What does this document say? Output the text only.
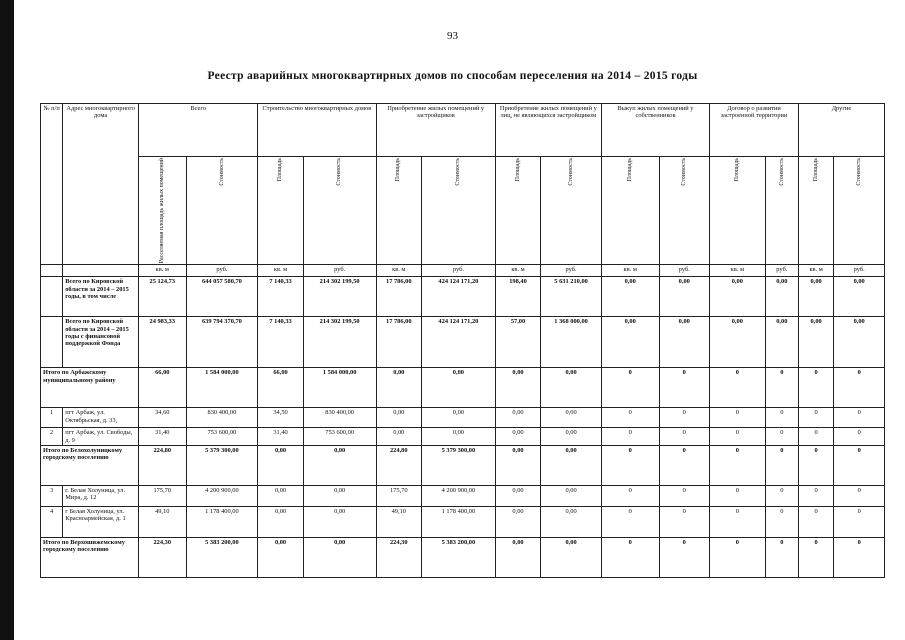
93
Реестр аварийных многоквартирных домов по способам переселения на 2014 – 2015 годы
№ п/п	Адрес многоквартирного дома	Всего		Строительство многоквартирных домов		Приобретение жилых помещений у застройщиков		Приобретение жилых помещений у лиц, не являющихся застройщиком		Выкуп жилых помещений у собственников		Договор о развитии застроенной территории		Другие	

		Расселяемая площадь жилых помещений	Стоимость	Площадь	Стоимость	Площадь	Стоимость	Площадь	Стоимость	Площадь	Стоимость	Площадь	Стоимость	Площадь	Стоимость

		кв. м	руб.	кв. м	руб.	кв. м	руб.	кв. м	руб.	кв. м	руб.	кв. м	руб.	кв. м	руб.
	Всего по Кировской области за 2014 – 2015 годы, в том числе	25 124,73	644 057 580,70	7 140,33	214 302 199,50	17 786,00	424 124 171,20	198,40	5 631 210,00	0,00	0,00	0,00	0,00	0,00	0,00
	Всего по Кировской области за 2014 – 2015 годы с финансовой поддержкой Фонда	24 983,33	639 794 370,70	7 140,33	214 302 199,50	17 786,00	424 124 171,20	57,00	1 368 000,00	0,00	0,00	0,00	0,00	0,00	0,00
Итого по Арбажскому муниципальному району		66,00	1 584 000,00	66,00	1 584 000,00	0,00	0,00	0,00	0,00	0	0	0	0	0	0
1	пгт Арбаж, ул. Октябрьская, д. 33,	34,60	830 400,00	34,50	830 400,00	0,00	0,00	0,00	0,00	0	0	0	0	0	0
2	пгт Арбаж, ул. Свободы, д. 9	31,40	753 600,00	31,40	753 600,00	0,00	0,00	0,00	0,00	0	0	0	0	0	0
Итого по Белохолуницкому городскому поселению		224,80	5 379 300,00	0,00	0,00	224,80	5 379 300,00	0,00	0,00	0	0	0	0	0	0
3	г. Белая Холуница, ул. Мира, д. 12	175,70	4 200 900,00	0,00	0,00	175,70	4 200 900,00	0,00	0,00	0	0	0	0	0	0
4	г Белая Холуница, ул. Красноармейская, д. 1	49,10	1 178 400,00	0,00	0,00	49,10	1 178 400,00	0,00	0,00	0	0	0	0	0	0
Итого по Верхошижемскому городскому поселению		224,30	5 383 200,00	0,00	0,00	224,30	5 383 200,00	0,00	0,00	0	0	0	0	0	0
